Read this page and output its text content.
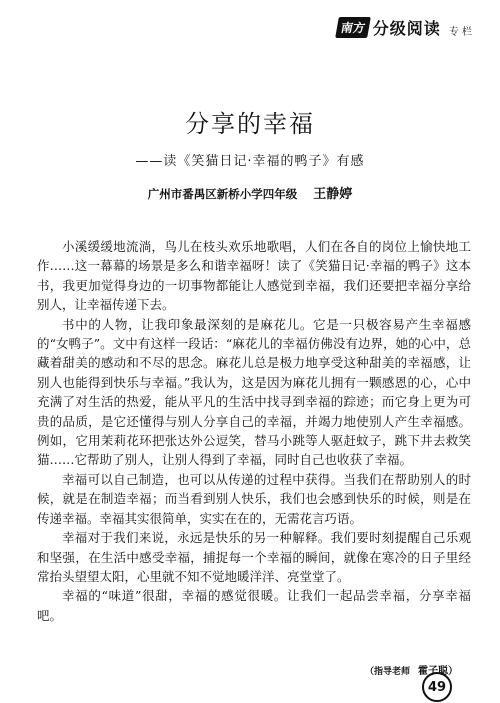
南方 分级阅读 专 栏
分享的幸福
——读《笑猫日记·幸福的鸭子》有感
广州市番禺区新桥小学四年级 王静婷

小溪缓缓地流淌，鸟儿在枝头欢乐地歌唱，人们在各自的岗位上愉快地工作……这一幕幕的场景是多么和谐幸福呀！读了《笑猫日记·幸福的鸭子》这本书，我更加觉得身边的一切事物都能让人感觉到幸福，我们还要把幸福分享给别人，让幸福传递下去。

书中的人物，让我印象最深刻的是麻花儿。它是一只极容易产生幸福感的“女鸭子”。文中有这样一段话：“麻花儿的幸福仿佛没有边界，她的心中，总藏着甜美的感动和不尽的思念。麻花儿总是极力地享受这种甜美的幸福感，让别人也能得到快乐与幸福。”我认为，这是因为麻花儿拥有一颗感恩的心，心中充满了对生活的热爱，能从平凡的生活中找寻到幸福的踪迹；而它身上更为可贵的品质，是它还懂得与别人分享自己的幸福，并竭力地使别人产生幸福感。例如，它用茉莉花环把张达外公逗笑，替马小跳等人驱赶蚊子，跳下井去救笑猫……它帮助了别人，让别人得到了幸福，同时自己也收获了幸福。

幸福可以自己制造，也可以从传递的过程中获得。当我们在帮助别人的时候，就是在制造幸福；而当看到别人快乐，我们也会感到快乐的时候，则是在传递幸福。幸福其实很简单，实实在在的，无需花言巧语。

幸福对于我们来说，永远是快乐的另一种解释。我们要时刻提醒自己乐观和坚强，在生活中感受幸福，捕捉每一个幸福的瞬间，就像在寒冷的日子里经常抬头望望太阳，心里就不知不觉地暖洋洋、亮堂堂了。

幸福的“味道”很甜，幸福的感觉很暖。让我们一起品尝幸福，分享幸福吧。

（指导老师 霍子聪）
49
